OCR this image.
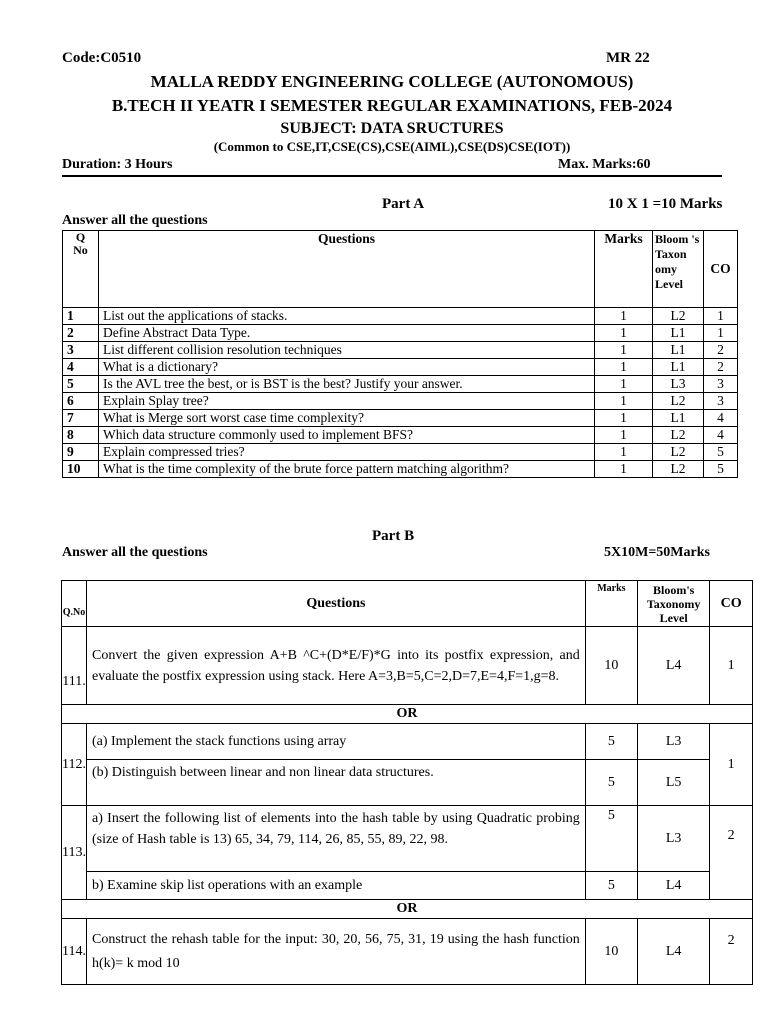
Code:C0510	MR 22
MALLA REDDY ENGINEERING COLLEGE (AUTONOMOUS)
B.TECH II YEATR I SEMESTER REGULAR EXAMINATIONS, FEB-2024
SUBJECT: DATA SRUCTURES
(Common to CSE,IT,CSE(CS),CSE(AIML),CSE(DS)CSE(IOT))
Duration: 3 Hours	Max. Marks:60
Part A	10 X 1 =10 Marks
Answer all the questions
Q No	Questions	Marks	Bloom 's Taxon omy Level	CO
1	List out the applications of stacks.	1	L2	1
2	Define Abstract Data Type.	1	L1	1
3	List different collision resolution techniques	1	L1	2
4	What is a dictionary?	1	L1	2
5	Is the AVL tree the best, or is BST is the best? Justify your answer.	1	L3	3
6	Explain Splay tree?	1	L2	3
7	What is Merge sort worst case time complexity?	1	L1	4
8	Which data structure commonly used to implement BFS?	1	L2	4
9	Explain compressed tries?	1	L2	5
10	What is the time complexity of the brute force pattern matching algorithm?	1	L2	5
Part B
Answer all the questions	5X10M=50Marks
Q.No	Questions	Marks	Bloom's Taxonomy Level	CO
111.	Convert the given expression A+B ^C+(D*E/F)*G into its postfix expression, and evaluate the postfix expression using stack. Here A=3,B=5,C=2,D=7,E=4,F=1,g=8.	10	L4	1
OR				
112.	(a) Implement the stack functions using array	5	L3	1
	(b) Distinguish between linear and non linear data structures.	5	L5	
113.	a) Insert the following list of elements into the hash table by using Quadratic probing (size of Hash table is 13) 65, 34, 79, 114, 26, 85, 55, 89, 22, 98.	5	L3	2
	b) Examine skip list operations with an example	5	L4	
OR				
114.	Construct the rehash table for the input: 30, 20, 56, 75, 31, 19 using the hash function h(k)= k mod 10	10	L4	2
